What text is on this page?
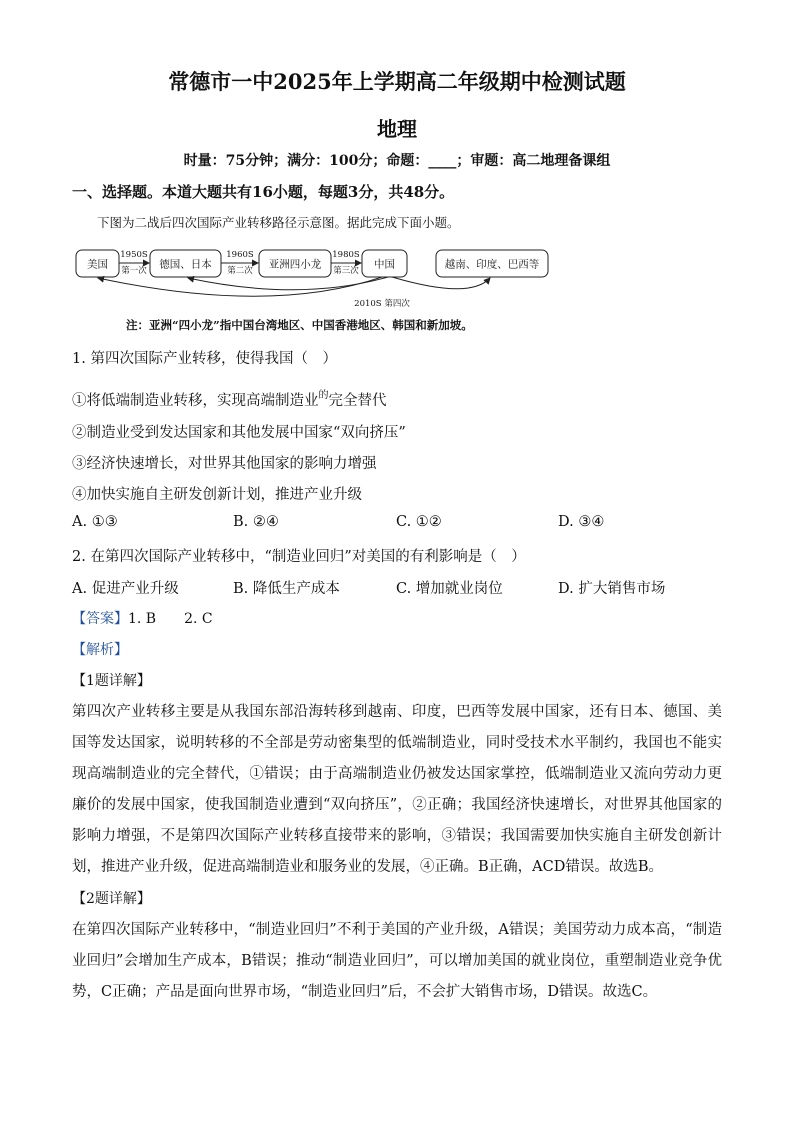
常德市一中2025年上学期高二年级期中检测试题
地理
时量：75分钟；满分：100分；命题：____；审题：高二地理备课组
一、选择题。本道大题共有16小题，每题3分，共48分。
下图为二战后四次国际产业转移路径示意图。据此完成下面小题。
美国	德国、日本	亚洲四小龙	中国	越南、印度、巴西等
1950S
第一次
1960S
第二次
1980S
第三次
2010S 第四次
注：亚洲“四小龙”指中国台湾地区、中国香港地区、韩国和新加坡。
1. 第四次国际产业转移，使得我国（　）
①将低端制造业转移，实现高端制造业$^的$完全替代
②制造业受到发达国家和其他发展中国家“双向挤压”
③经济快速增长，对世界其他国家的影响力增强
④加快实施自主研发创新计划，推进产业升级
A. ①③	B. ②④	C. ①②	D. ③④
2. 在第四次国际产业转移中，“制造业回归”对美国的有利影响是（　）
A. 促进产业升级	B. 降低生产成本	C. 增加就业岗位	D. 扩大销售市场
【答案】1. B　　2. C
【解析】
【1题详解】
第四次产业转移主要是从我国东部沿海转移到越南、印度，巴西等发展中国家，还有日本、德国、美国等发达国家，说明转移的不全部是劳动密集型的低端制造业，同时受技术水平制约，我国也不能实现高端制造业的完全替代，①错误；由于高端制造业仍被发达国家掌控，低端制造业又流向劳动力更廉价的发展中国家，使我国制造业遭到“双向挤压”，②正确；我国经济快速增长，对世界其他国家的影响力增强，不是第四次国际产业转移直接带来的影响，③错误；我国需要加快实施自主研发创新计划，推进产业升级，促进高端制造业和服务业的发展，④正确。B正确，ACD错误。故选B。
【2题详解】
在第四次国际产业转移中，“制造业回归”不利于美国的产业升级，A错误；美国劳动力成本高，“制造业回归”会增加生产成本，B错误；推动“制造业回归”，可以增加美国的就业岗位，重塑制造业竞争优势，C正确；产品是面向世界市场，“制造业回归”后，不会扩大销售市场，D错误。故选C。
